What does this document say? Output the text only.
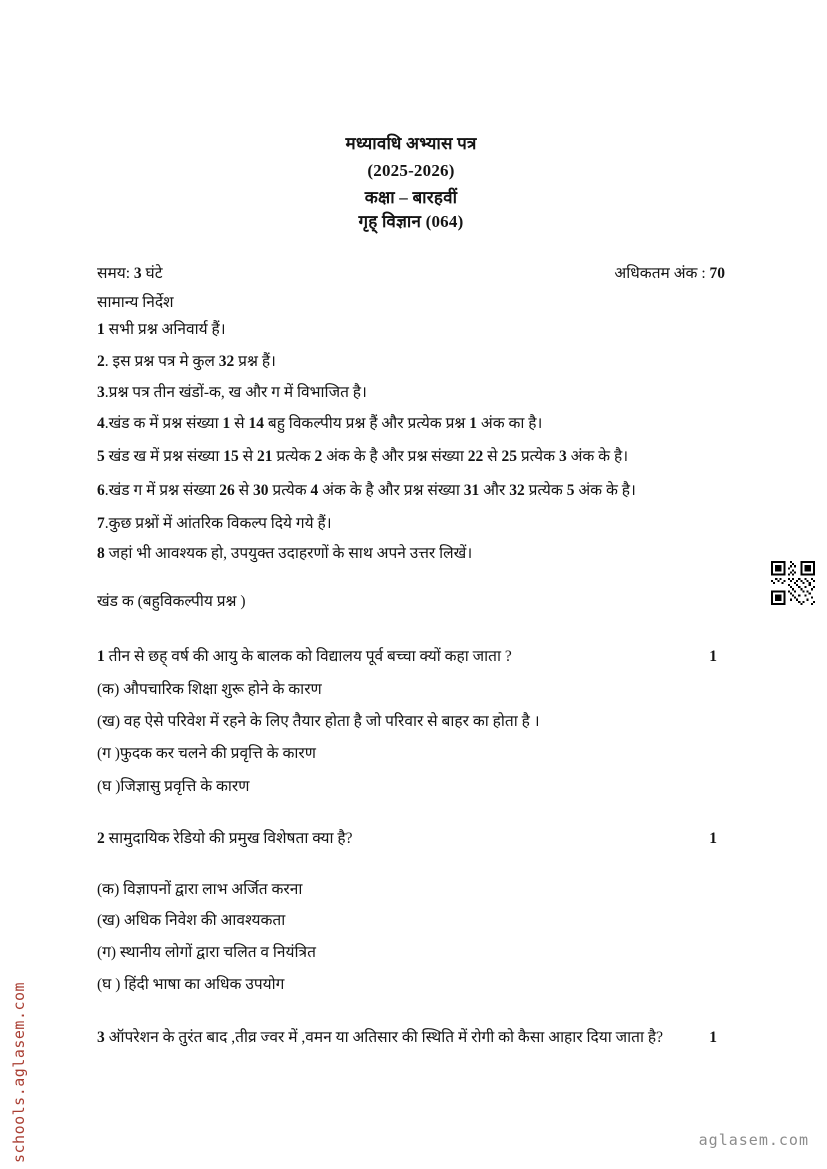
मध्यावधि अभ्यास पत्र
(2025-2026)
कक्षा – बारहवीं
गृह् विज्ञान (064)
समय: 3 घंटे	अधिकतम अंक : 70
सामान्य निर्देश
1 सभी प्रश्न अनिवार्य हैं।
2. इस प्रश्न पत्र मे कुल 32 प्रश्न हैं।
3.प्रश्न पत्र तीन खंडों-क, ख और ग में विभाजित है।
4.खंड क में प्रश्न संख्या 1 से 14 बहु विकल्पीय प्रश्न हैं और प्रत्येक प्रश्न 1 अंक का है।
5 खंड ख में प्रश्न संख्या 15 से 21 प्रत्येक 2 अंक के है और प्रश्न संख्या 22 से 25 प्रत्येक 3 अंक के है।
6.खंड ग में प्रश्न संख्या 26 से 30 प्रत्येक 4 अंक के है और प्रश्न संख्या 31 और 32 प्रत्येक 5 अंक के है।
7.कुछ प्रश्नों में आंतरिक विकल्प दिये गये हैं।
8 जहां भी आवश्यक हो, उपयुक्त उदाहरणों के साथ अपने उत्तर लिखें।
खंड क (बहुविकल्पीय प्रश्न )
1 तीन से छह् वर्ष की आयु के बालक को विद्यालय पूर्व बच्चा क्यों कहा जाता ?	1
(क) औपचारिक शिक्षा शुरू होने के कारण
(ख) वह ऐसे परिवेश में रहने के लिए तैयार होता है जो परिवार से बाहर का होता है ।
(ग )फुदक कर चलने की प्रवृत्ति के कारण
(घ )जिज्ञासु प्रवृत्ति के कारण
2 सामुदायिक रेडियो की प्रमुख विशेषता क्या है?	1
(क) विज्ञापनों द्वारा लाभ अर्जित करना
(ख) अधिक निवेश की आवश्यकता
(ग) स्थानीय लोगों द्वारा चलित व नियंत्रित
(घ ) हिंदी भाषा का अधिक उपयोग
3 ऑपरेशन के तुरंत बाद ,तीव्र ज्वर में ,वमन या अतिसार की स्थिति में रोगी को कैसा आहार दिया जाता है?	1
schools.aglasem.com	aglasem.com
